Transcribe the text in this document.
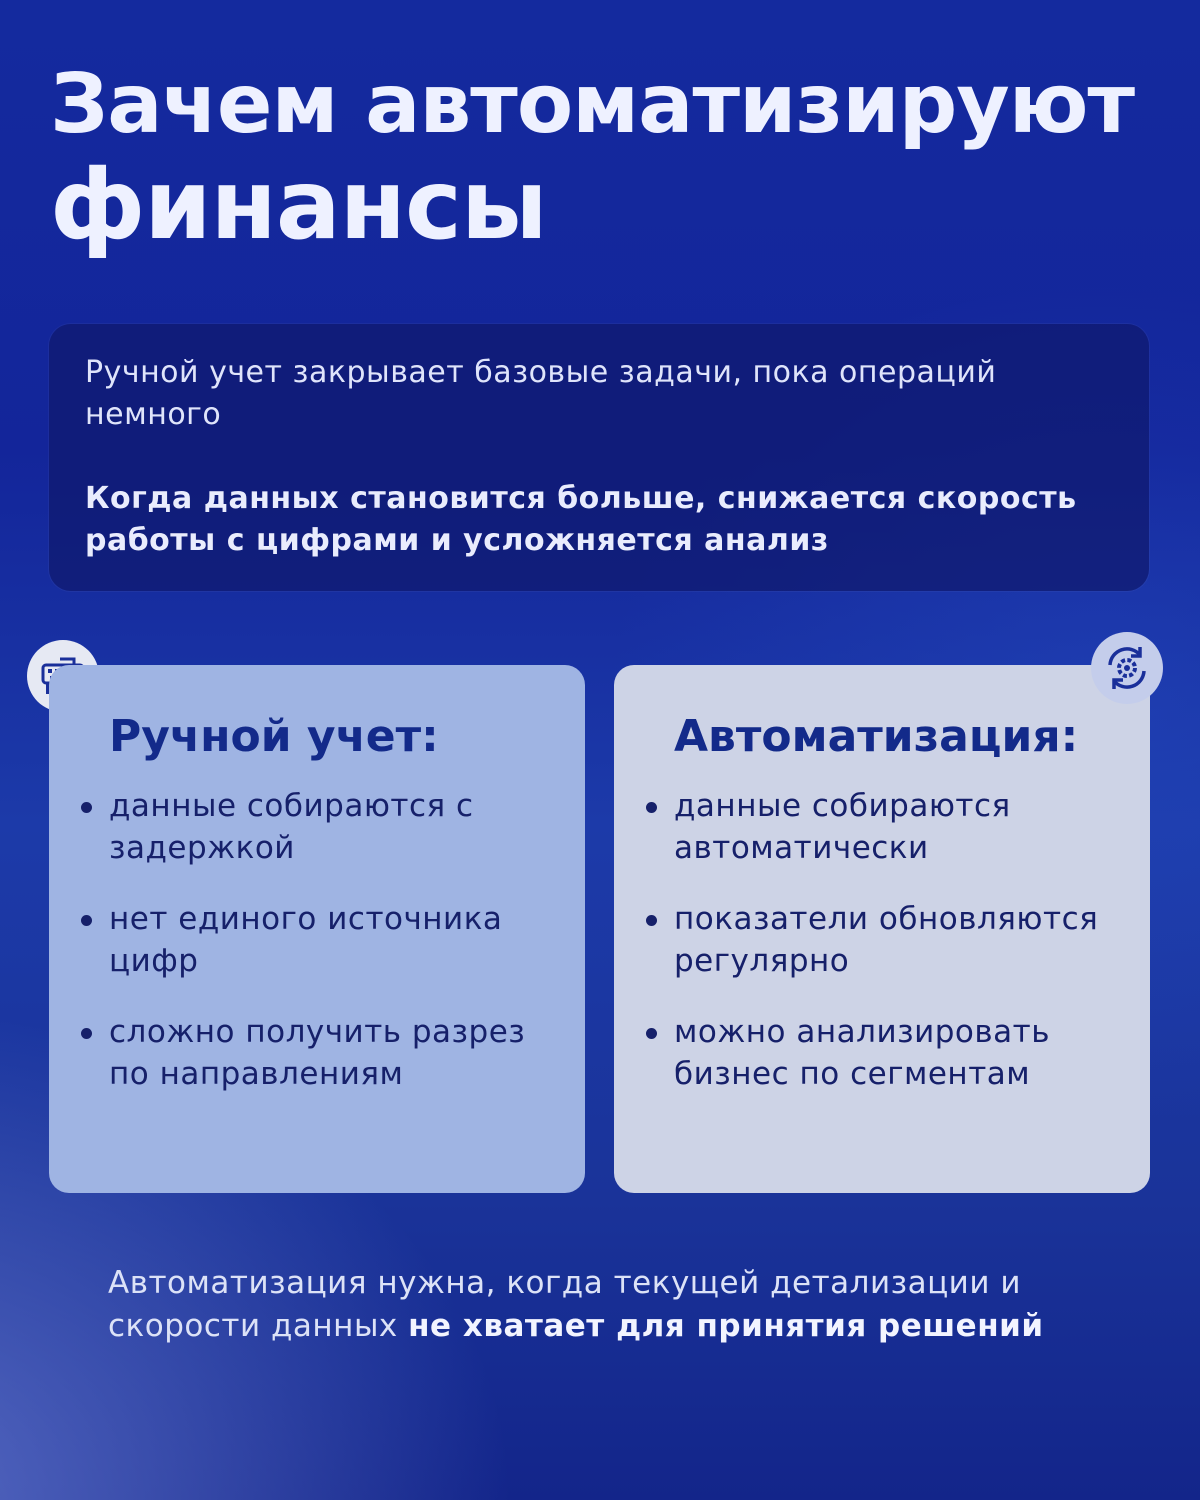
Зачем автоматизируют
финансы

Ручной учет закрывает базовые задачи, пока операций немного

Когда данных становится больше, снижается скорость работы с цифрами и усложняется анализ

Ручной учет:
данные собираются с задержкой
нет единого источника цифр
сложно получить разрез по направлениям
Автоматизация:
данные собираются автоматически
показатели обновляются регулярно
можно анализировать бизнес по сегментам

Автоматизация нужна, когда текущей детализации и скорости данных не хватает для принятия решений
